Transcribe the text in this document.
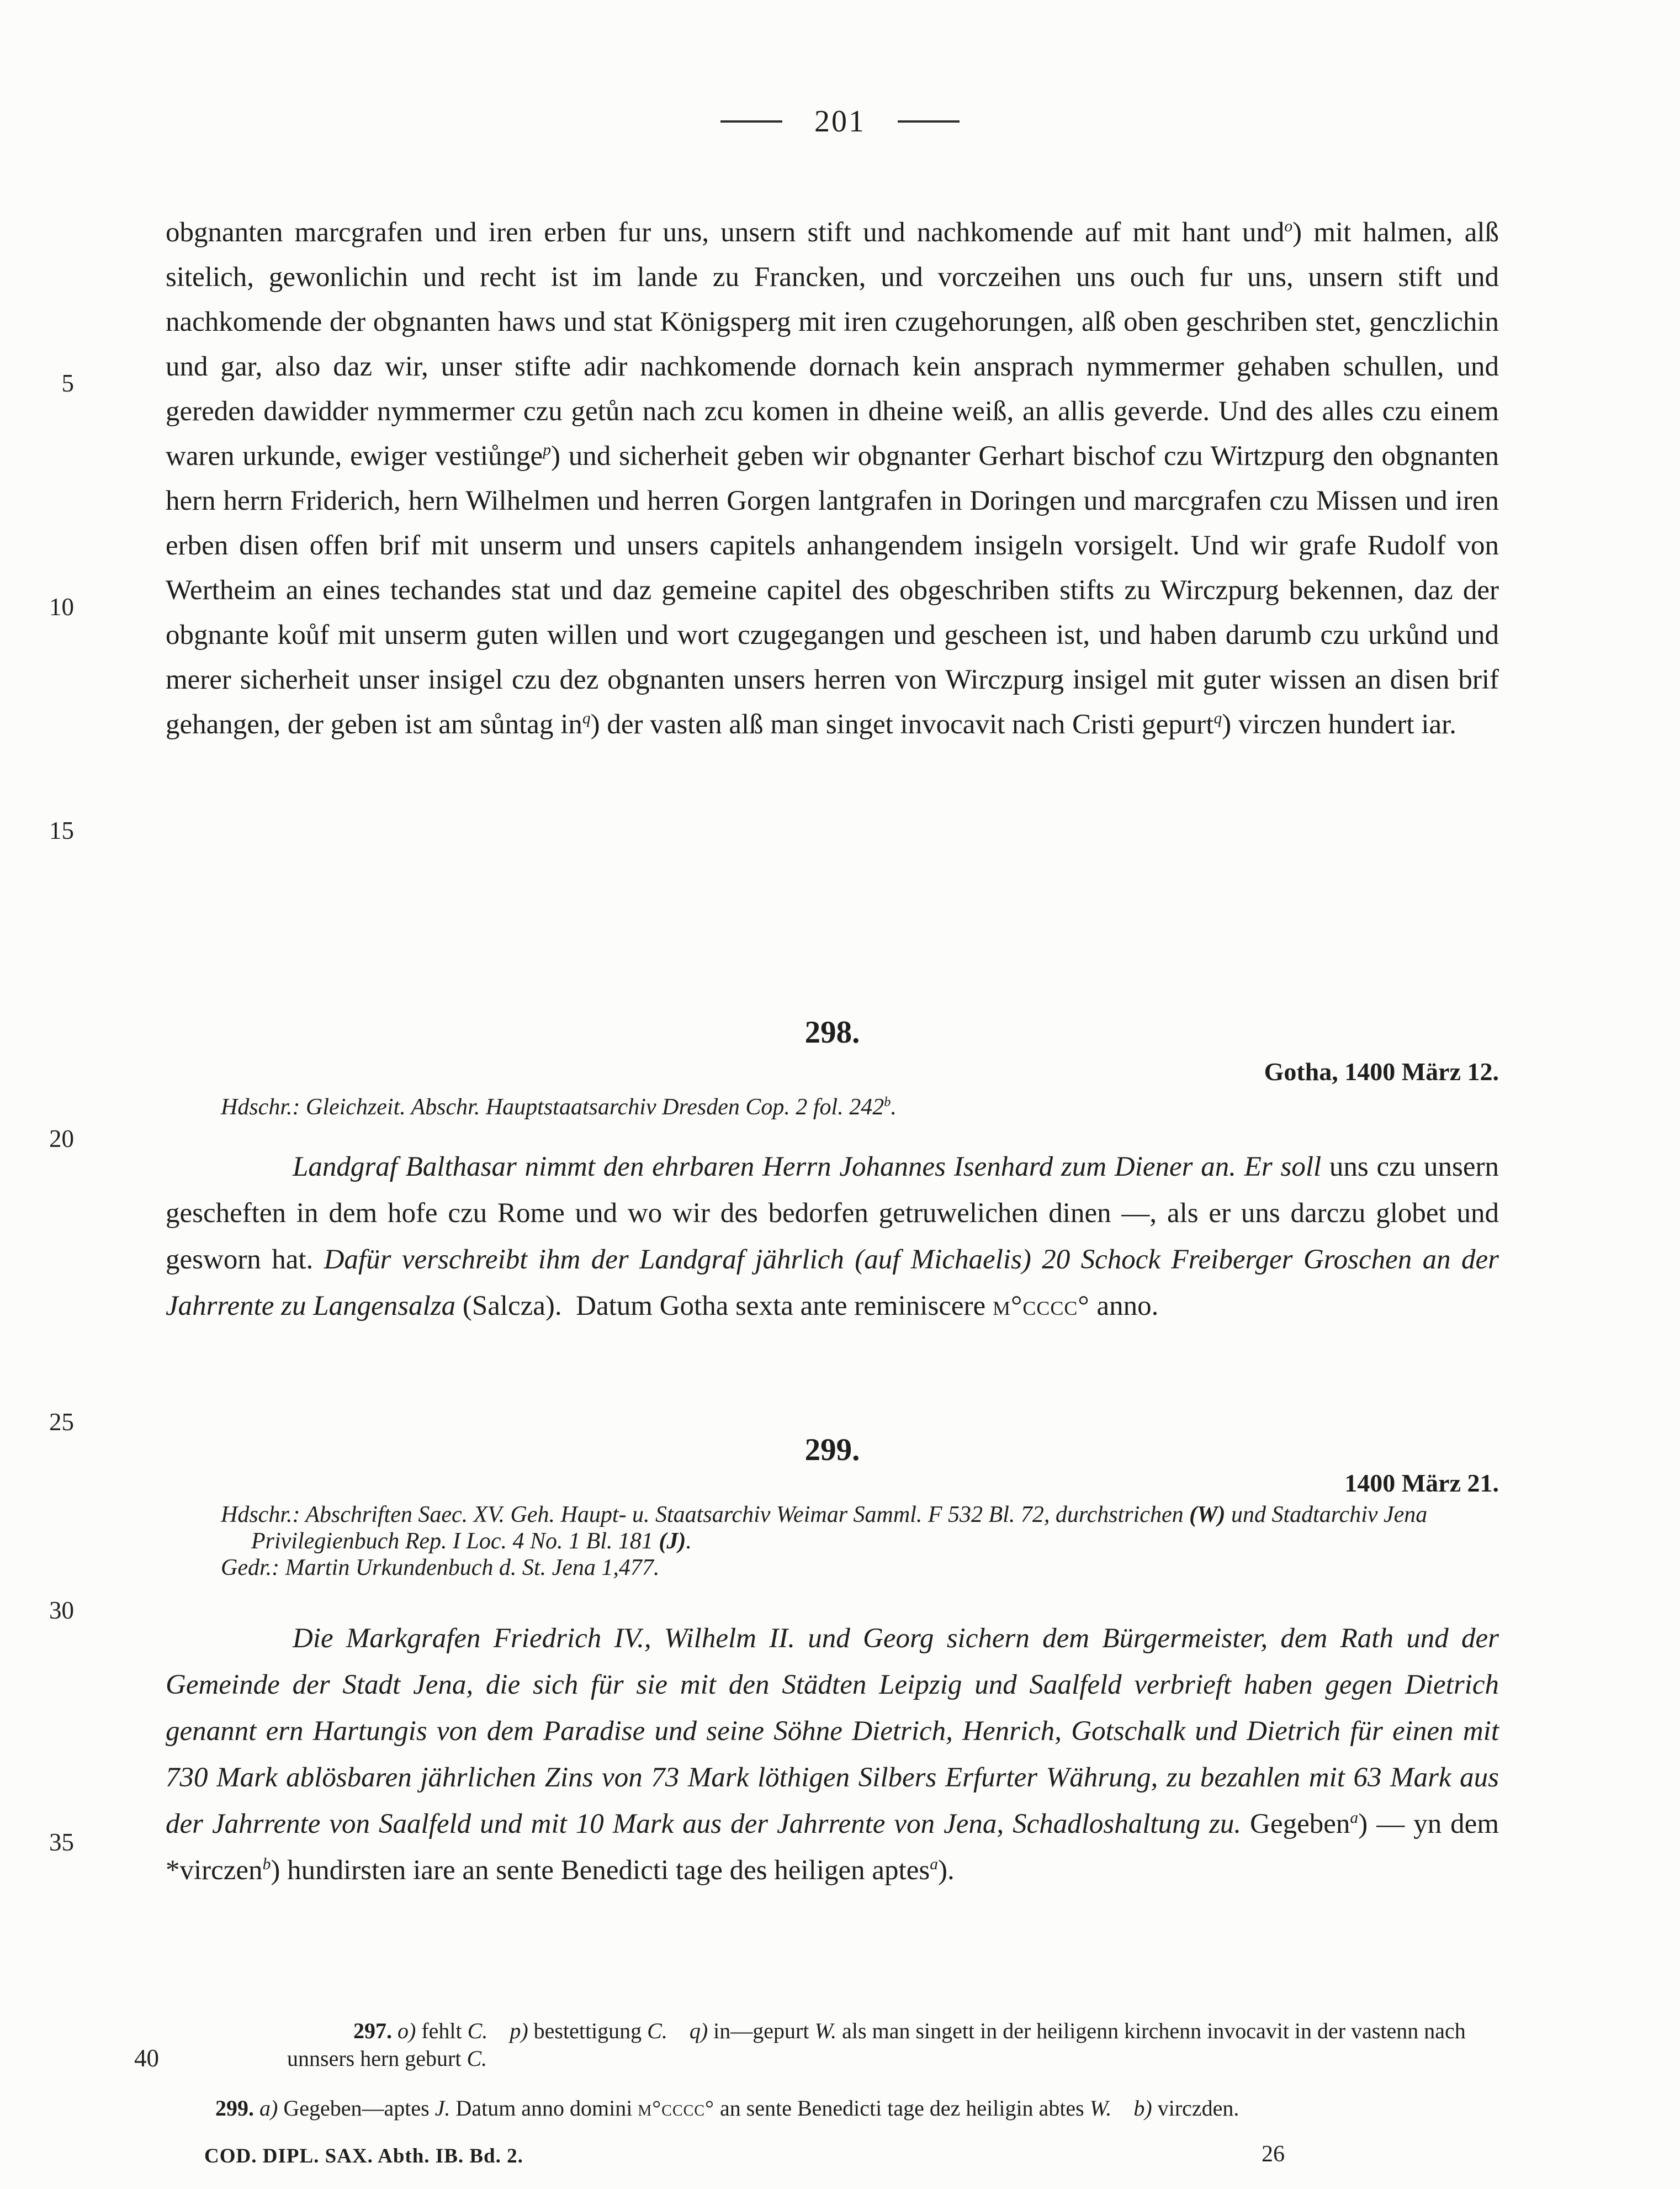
201
5
10
15
20
25
30
35
40

obgnanten marcgrafen und iren erben fur uns, unsern stift und nachkomende auf mit hant und$^o$) mit halmen, alß sitelich, gewonlichin und recht ist im lande zu Francken, und vorczeihen uns ouch fur uns, unsern stift und nachkomende der obgnanten haws und stat Königsperg mit iren czugehorungen, alß oben geschriben stet, genczlichin und gar, also daz wir, unser stifte adir nachkomende dornach kein ansprach nymmermer gehaben schullen, und gereden dawidder nymmermer czu getůn nach zcu komen in dheine weiß, an allis geverde. Und des alles czu einem waren urkunde, ewiger vestiůnge$^p$) und sicherheit geben wir obgnanter Gerhart bischof czu Wirtzpurg den obgnanten hern herrn Friderich, hern Wilhelmen und herren Gorgen lantgrafen in Doringen und marcgrafen czu Missen und iren erben disen offen brif mit unserm und unsers capitels anhangendem insigeln vorsigelt. Und wir grafe Rudolf von Wertheim an eines techandes stat und daz gemeine capitel des obgeschriben stifts zu Wirczpurg bekennen, daz der obgnante koůf mit unserm guten willen und wort czugegangen und gescheen ist, und haben darumb czu urkůnd und merer sicherheit unser insigel czu dez obgnanten unsers herren von Wirczpurg insigel mit guter wissen an disen brif gehangen, der geben ist am sůntag $in^q$) der vasten alß man singet invocavit nach Cristi gepurt$^q$) virczen hundert iar.

298.
Gotha, 1400 März 12.
Hdschr.: Gleichzeit. Abschr. Hauptstaatsarchiv Dresden Cop. 2 fol. 242$^b$.

Landgraf Balthasar nimmt den ehrbaren Herrn Johannes Isenhard zum Diener an. Er soll uns czu unsern gescheften in dem hofe czu Rome und wo wir des bedorfen getruwelichen dinen —, als er uns darczu globet und gesworn hat. Dafür verschreibt ihm der Landgraf jährlich (auf Michaelis) 20 Schock Freiberger Groschen an der Jahrrente zu Langensalza (Salcza). Datum Gotha sexta ante reminiscere m°cccc° anno.

299.
1400 März 21.
Hdschr.: Abschriften Saec. XV. Geh. Haupt- u. Staatsarchiv Weimar Samml. F 532 Bl. 72, durchstrichen (W) und Stadtarchiv Jena Privilegienbuch Rep. I Loc. 4 No. 1 Bl. 181 (J).
Gedr.: Martin Urkundenbuch d. St. Jena 1,477.

Die Markgrafen Friedrich IV., Wilhelm II. und Georg sichern dem Bürgermeister, dem Rath und der Gemeinde der Stadt Jena, die sich für sie mit den Städten Leipzig und Saalfeld verbrieft haben gegen Dietrich genannt ern Hartungis von dem Paradise und seine Söhne Dietrich, Henrich, Gotschalk und Dietrich für einen mit 730 Mark ablösbaren jährlichen Zins von 73 Mark löthigen Silbers Erfurter Währung, zu bezahlen mit 63 Mark aus der Jahrrente von Saalfeld und mit 10 Mark aus der Jahrrente von Jena, Schadloshaltung zu. Gegeben$^a$) — yn dem *virczen$^b$) hundirsten iare an sente Benedicti tage des heiligen aptes$^a$).

297. o) fehlt C.  p) bestettigung C.  q) in—gepurt W. als man singett in der heiligenn kirchenn invocavit in der vastenn nach unnsers hern geburt C.

299. a) Gegeben—aptes J. Datum anno domini m°cccc° an sente Benedicti tage dez heiligin abtes W.  b) virczden.

COD. DIPL. SAX. Abth. IB. Bd. 2.	26
